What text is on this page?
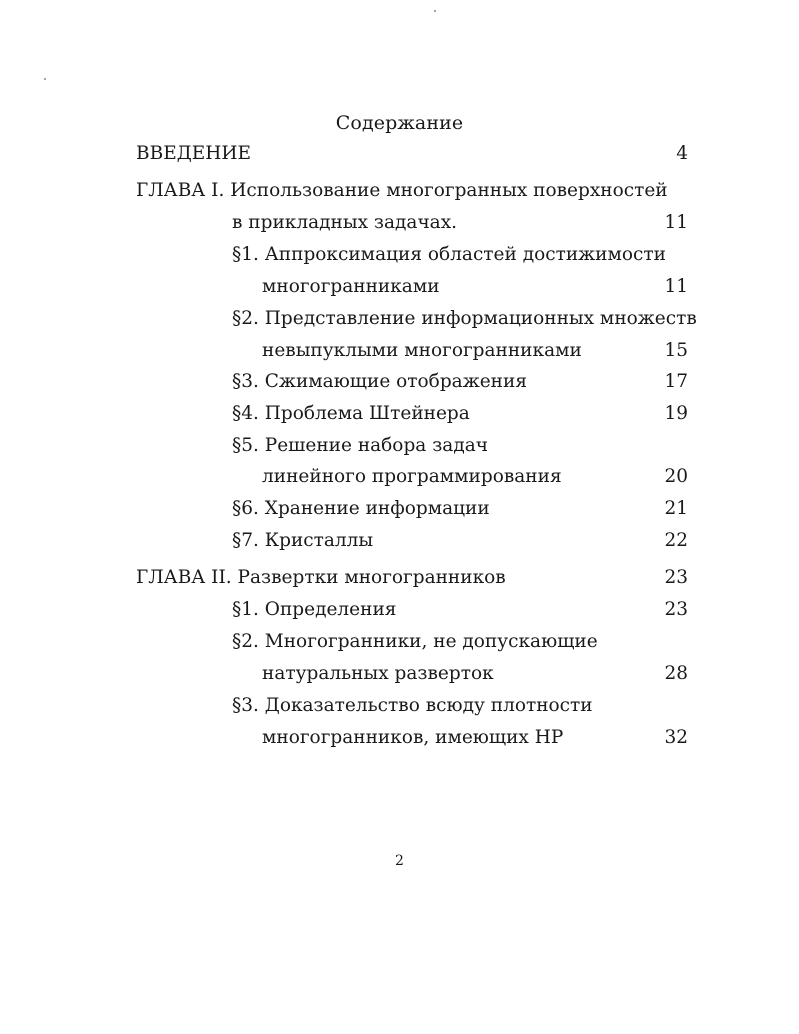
Содержание
ВВЕДЕНИЕ	4
ГЛАВА I. Использование многогранных поверхностей
в прикладных задачах.	11
§1. Аппроксимация областей достижимости
многогранниками	11
§2. Представление информационных множеств
невыпуклыми многогранниками	15
§3. Сжимающие отображения	17
§4. Проблема Штейнера	19
§5. Решение набора задач
линейного программирования	20
§6. Хранение информации	21
§7. Кристаллы	22
ГЛАВА II. Развертки многогранников	23
§1. Определения	23
§2. Многогранники, не допускающие
натуральных разверток	28
§3. Доказательство всюду плотности
многогранников, имеющих НР	32
2
